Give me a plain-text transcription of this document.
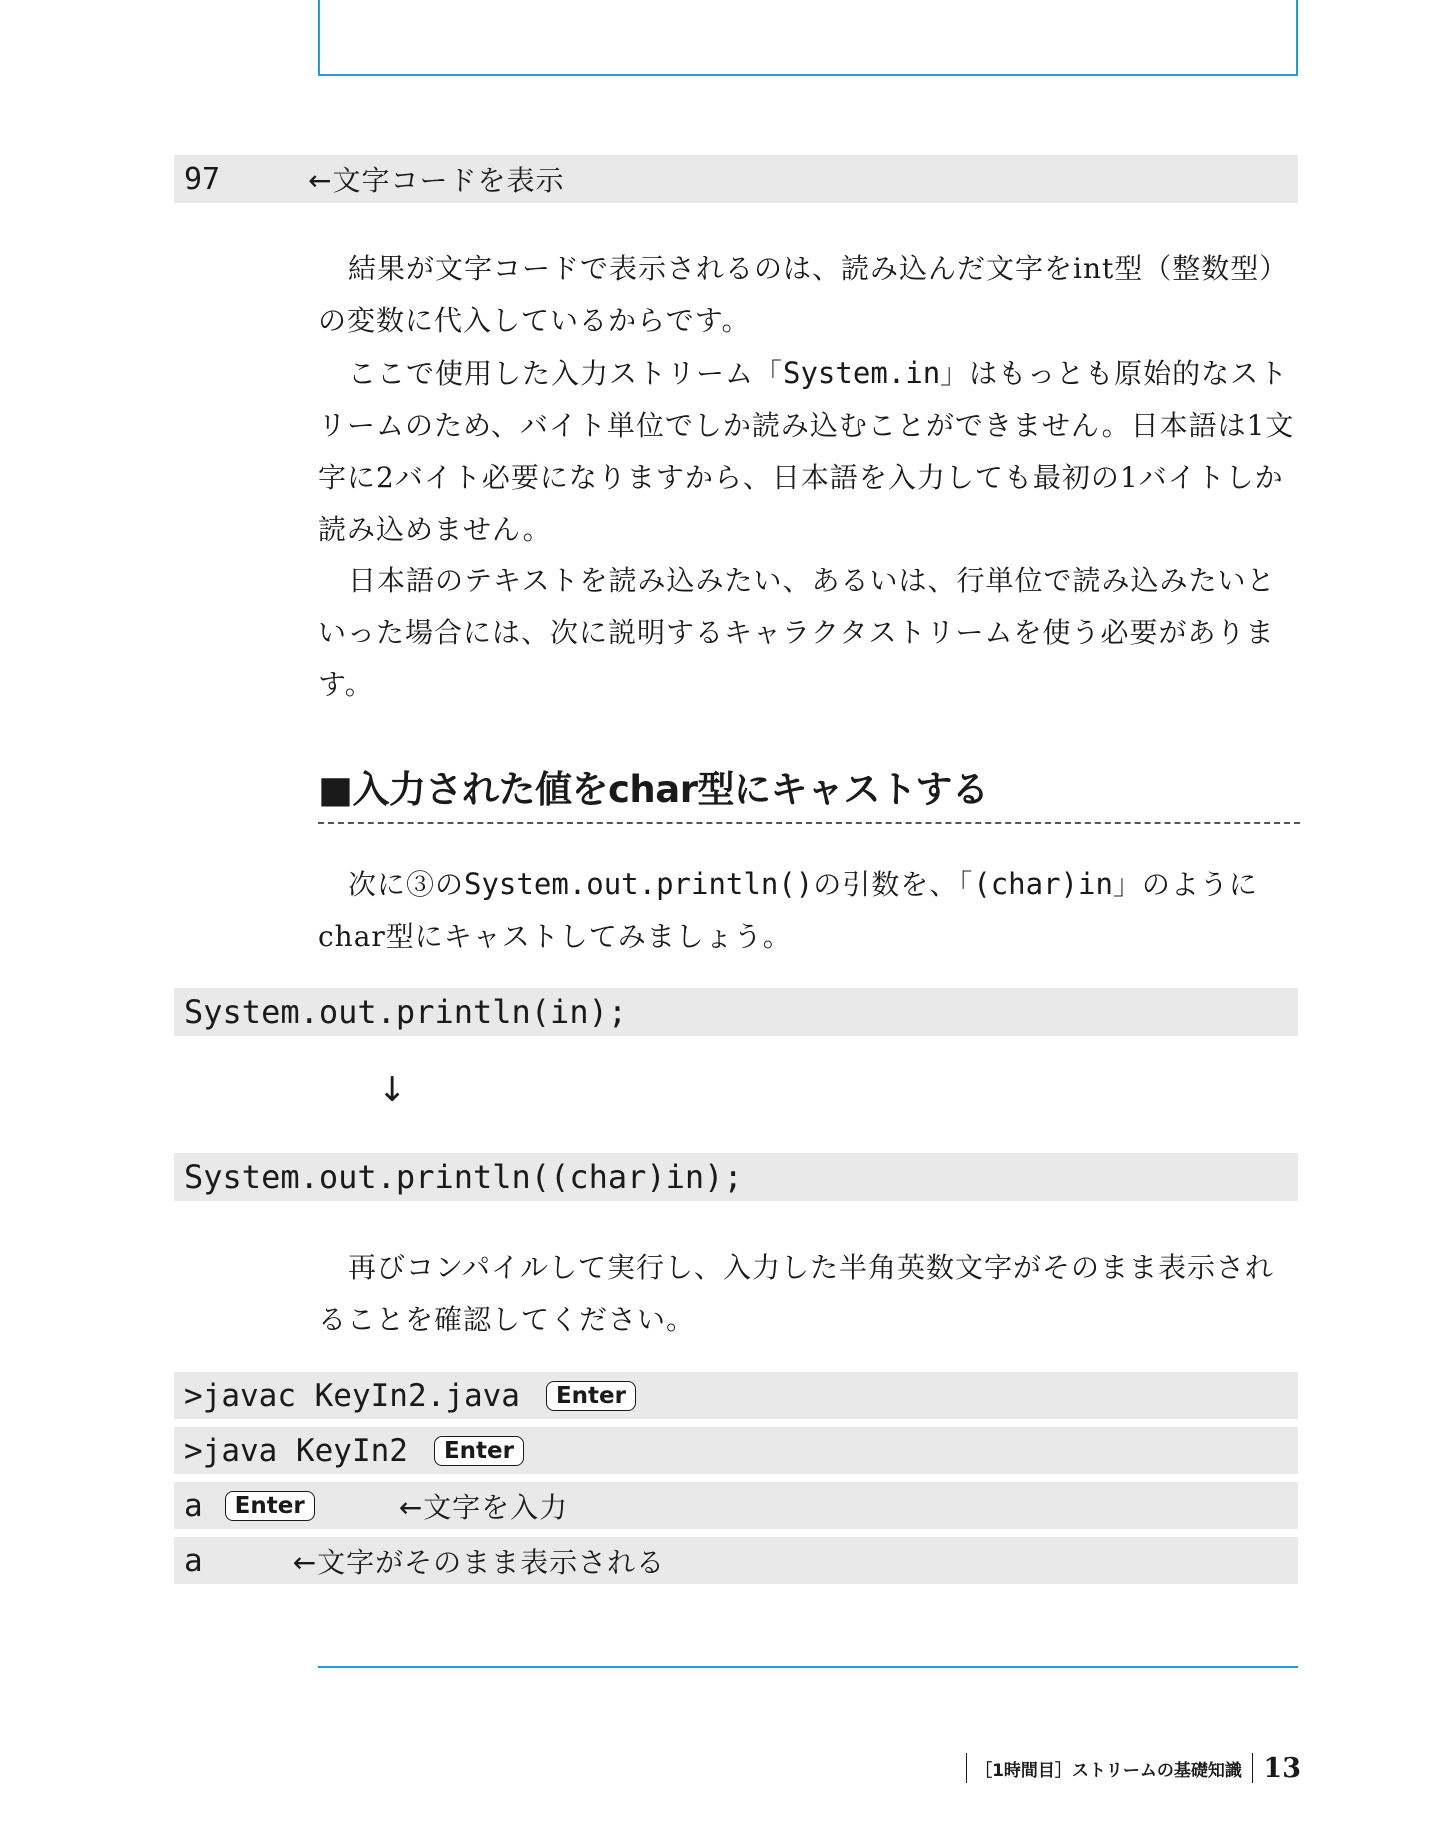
97	←文字コードを表示

結果が文字コードで表示されるのは、読み込んだ文字をint型（整数型）

の変数に代入しているからです。

ここで使用した入力ストリーム「System.in」はもっとも原始的なストリームのため、バイト単位でしか読み込むことができません。日本語は1文字に2バイト必要になりますから、日本語を入力しても最初の1バイトしか読み込めません。

日本語のテキストを読み込みたい、あるいは、行単位で読み込みたいといった場合には、次に説明するキャラクタストリームを使う必要があります。

■入力された値をchar型にキャストする

次に③のSystem.out.println()の引数を、「(char)in」のようにchar型にキャストしてみましょう。

System.out.println(in);
↓
System.out.println((char)in);

再びコンパイルして実行し、入力した半角英数文字がそのまま表示されることを確認してください。

>javac KeyIn2.java	Enter
>java KeyIn2	Enter
a	Enter	←文字を入力
a	←文字がそのまま表示される
［1時間目］ストリームの基礎知識 13
